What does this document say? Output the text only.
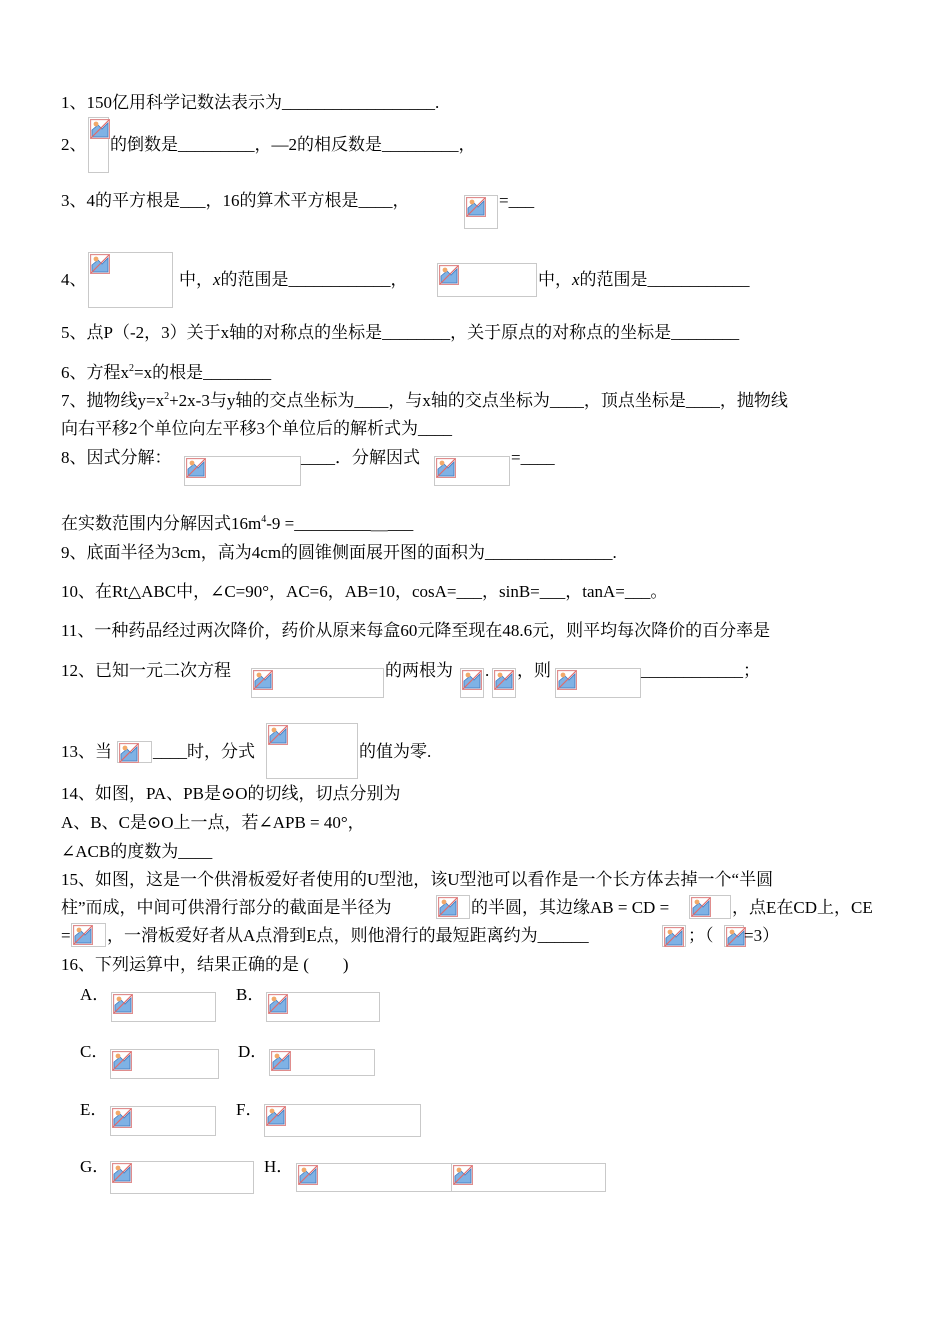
1、150亿用科学记数法表示为__________________.
2、 的倒数是_________，—2的相反数是_________，
3、4的平方根是___，16的算术平方根是____，	=___
4、	中，x的范围是____________，	中，x的范围是____________
5、点P（-2，3）关于x轴的对称点的坐标是________，关于原点的对称点的坐标是________
6、方程$x^2=x$的根是________
7、抛物线$y=x^2+2x-3$与y轴的交点坐标为____，与x轴的交点坐标为____，顶点坐标是____，抛物线
向右平移2个单位向左平移3个单位后的解析式为____
8、因式分解：	____．分解因式	=____
在实数范围内分解因式$16m^4-9$ =_________＿___
9、底面半径为3cm，高为4cm的圆锥侧面展开图的面积为_______________.
10、在Rt△ABC中，∠C=90°，AC=6，AB=10，cosA=___，sinB=___，tanA=___。
11、一种药品经过两次降价，药价从原来每盒60元降至现在48.6元，则平均每次降价的百分率是
12、已知一元二次方程	的两根为 . ，则	____________；
13、当 ____时，分式	的值为零.
14、如图，PA、PB是⊙O的切线，切点分别为
A、B、C是⊙O上一点，若∠APB = 40°，
∠ACB的度数为____
15、如图，这是一个供滑板爱好者使用的U型池，该U型池可以看作是一个长方体去掉一个“半圆
柱”而成，中间可供滑行部分的截面是半径为	的半圆，其边缘AB = CD =	，点E在CD上，CE
= ，一滑板爱好者从A点滑到E点，则他滑行的最短距离约为______	；（ =3）
16、下列运算中，结果正确的是 (　　)
A．	B．
C．	D．
E．	F．
G．	H．
